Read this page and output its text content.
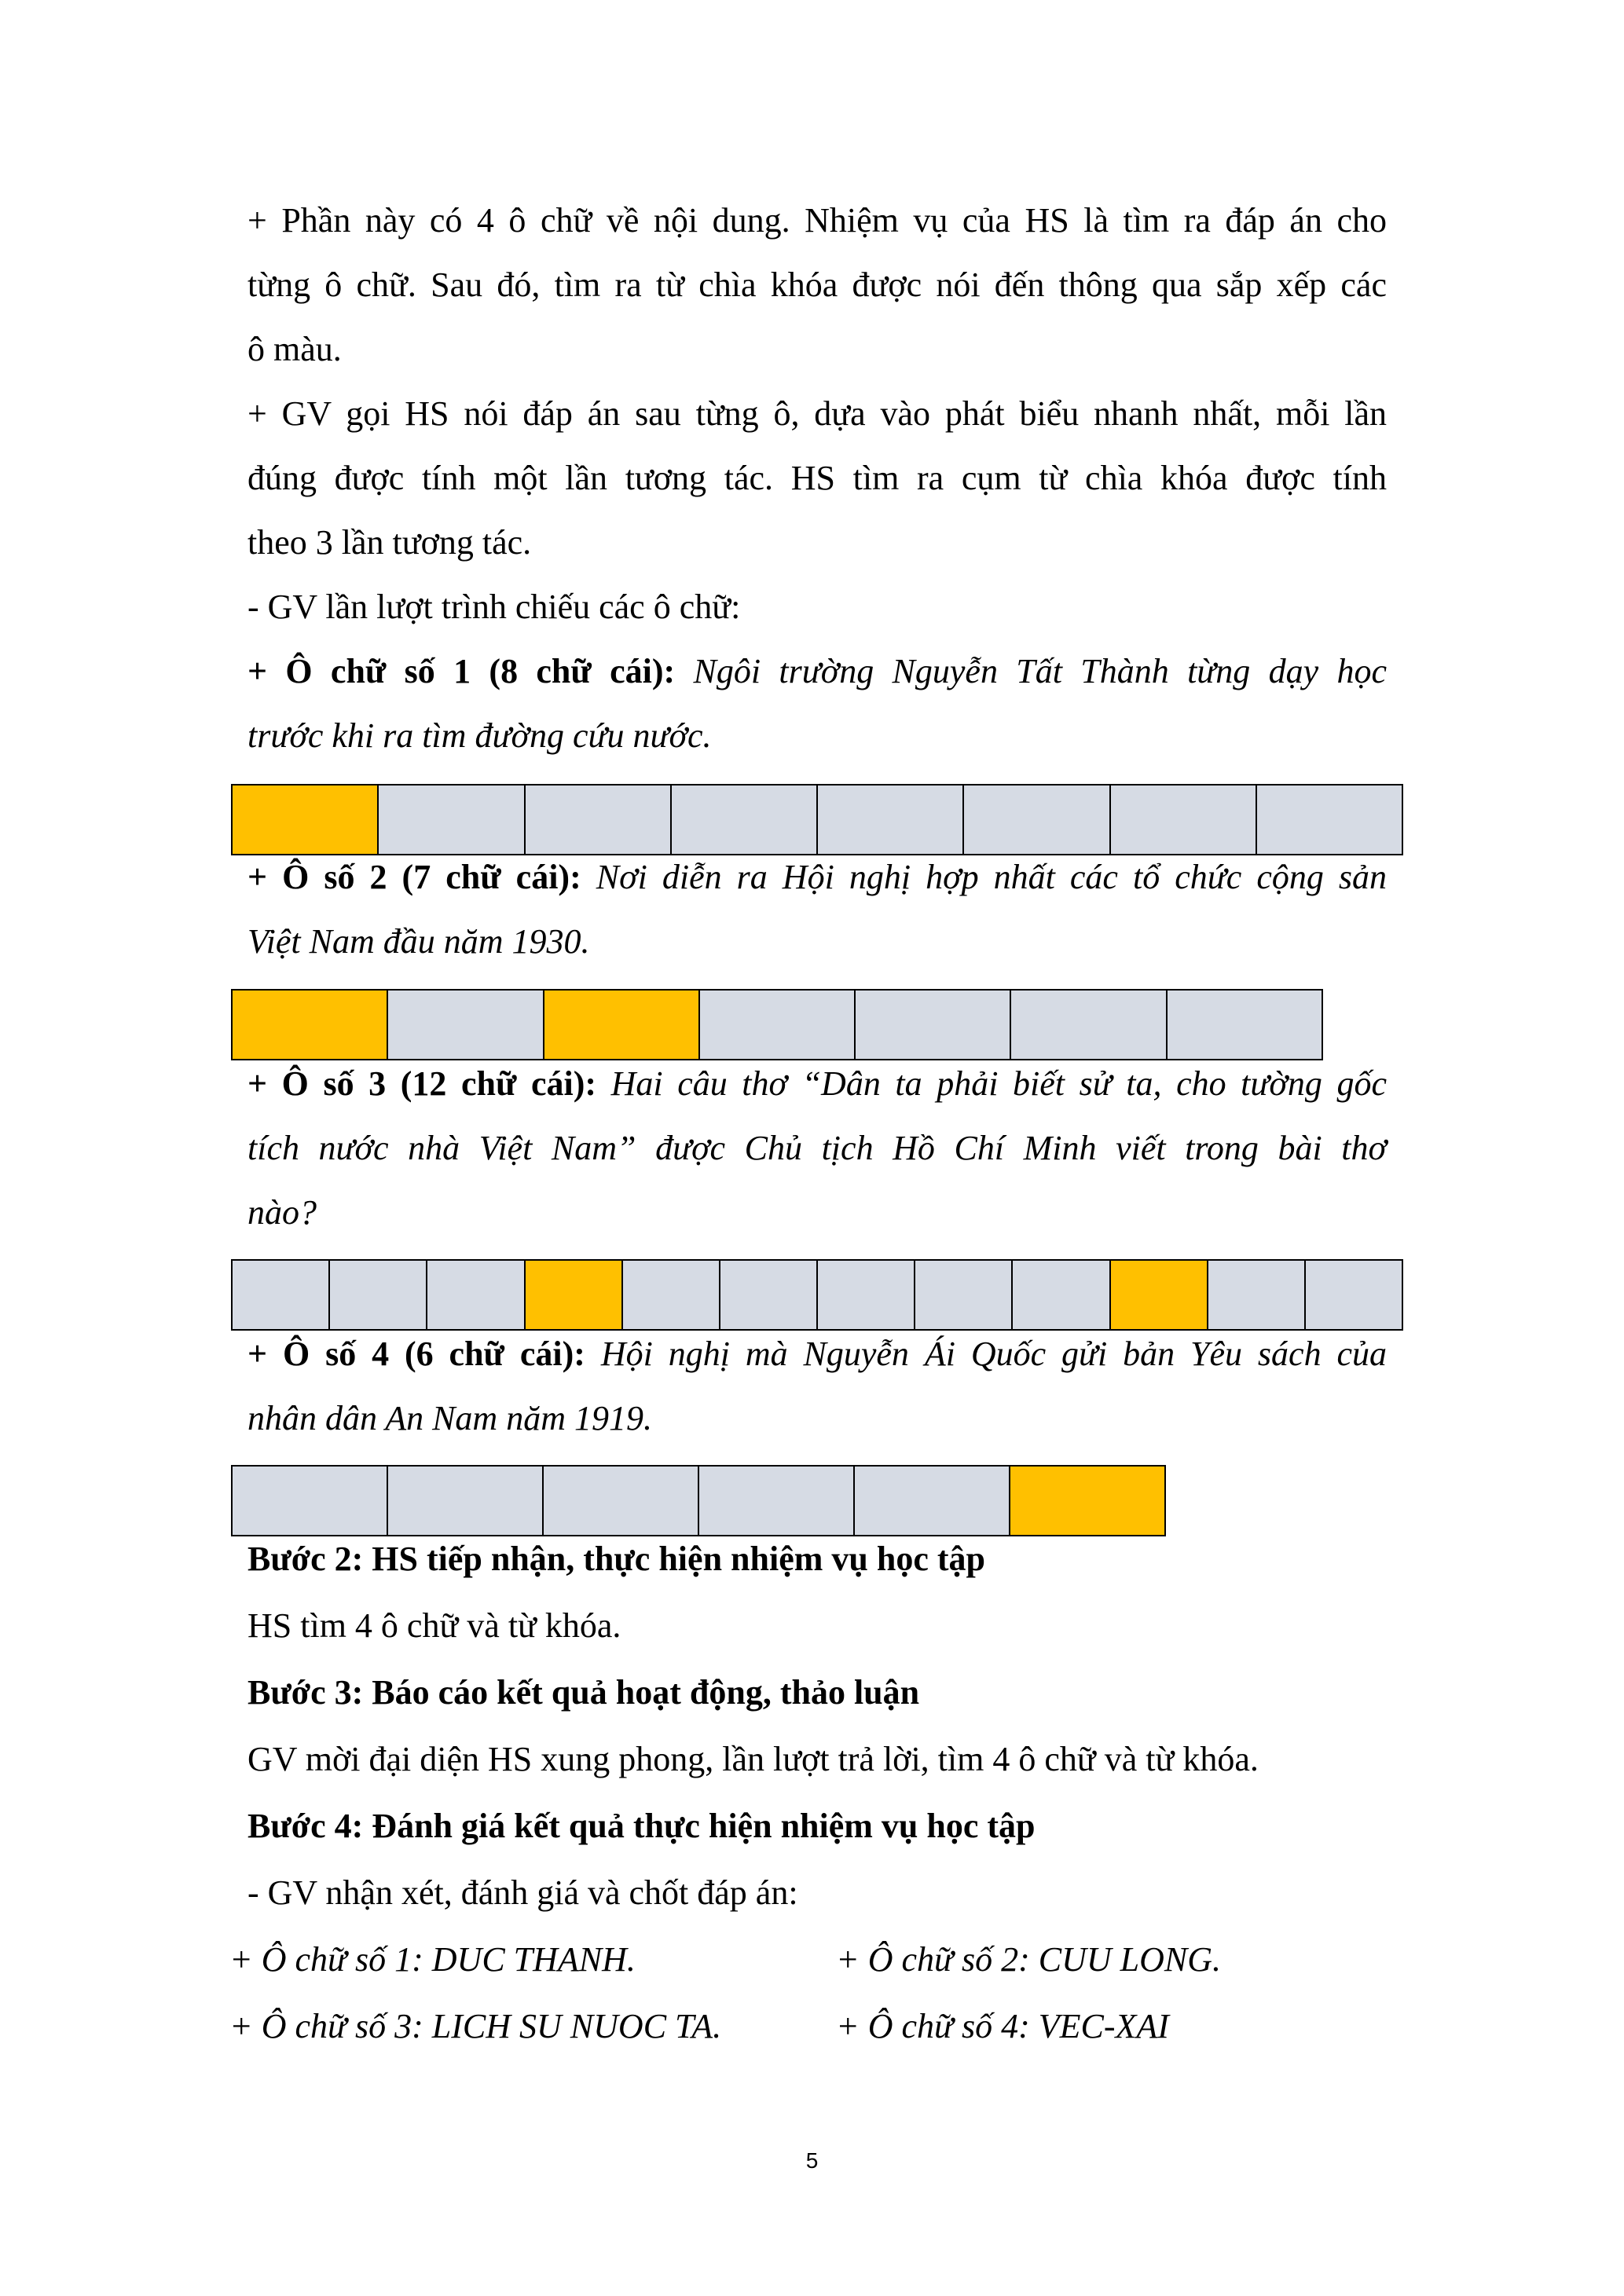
+ Phần này có 4 ô chữ về nội dung. Nhiệm vụ của HS là tìm ra đáp án cho
từng ô chữ. Sau đó, tìm ra từ chìa khóa được nói đến thông qua sắp xếp các
ô màu.
+ GV gọi HS nói đáp án sau từng ô, dựa vào phát biểu nhanh nhất, mỗi lần
đúng được tính một lần tương tác. HS tìm ra cụm từ chìa khóa được tính
theo 3 lần tương tác.
- GV lần lượt trình chiếu các ô chữ:
+ Ô chữ số 1 (8 chữ cái): Ngôi trường Nguyễn Tất Thành từng dạy học
trước khi ra tìm đường cứu nước.
+ Ô số 2 (7 chữ cái): Nơi diễn ra Hội nghị hợp nhất các tổ chức cộng sản
Việt Nam đầu năm 1930.
+ Ô số 3 (12 chữ cái): Hai câu thơ “Dân ta phải biết sử ta, cho tường gốc
tích nước nhà Việt Nam” được Chủ tịch Hồ Chí Minh viết trong bài thơ
nào?
+ Ô số 4 (6 chữ cái): Hội nghị mà Nguyễn Ái Quốc gửi bản Yêu sách của
nhân dân An Nam năm 1919.
Bước 2: HS tiếp nhận, thực hiện nhiệm vụ học tập
HS tìm 4 ô chữ và từ khóa.
Bước 3: Báo cáo kết quả hoạt động, thảo luận
GV mời đại diện HS xung phong, lần lượt trả lời, tìm 4 ô chữ và từ khóa.
Bước 4: Đánh giá kết quả thực hiện nhiệm vụ học tập
- GV nhận xét, đánh giá và chốt đáp án:
+ Ô chữ số 1: DUC THANH.	+ Ô chữ số 2: CUU LONG.
+ Ô chữ số 3: LICH SU NUOC TA.	+ Ô chữ số 4: VEC-XAI
5
